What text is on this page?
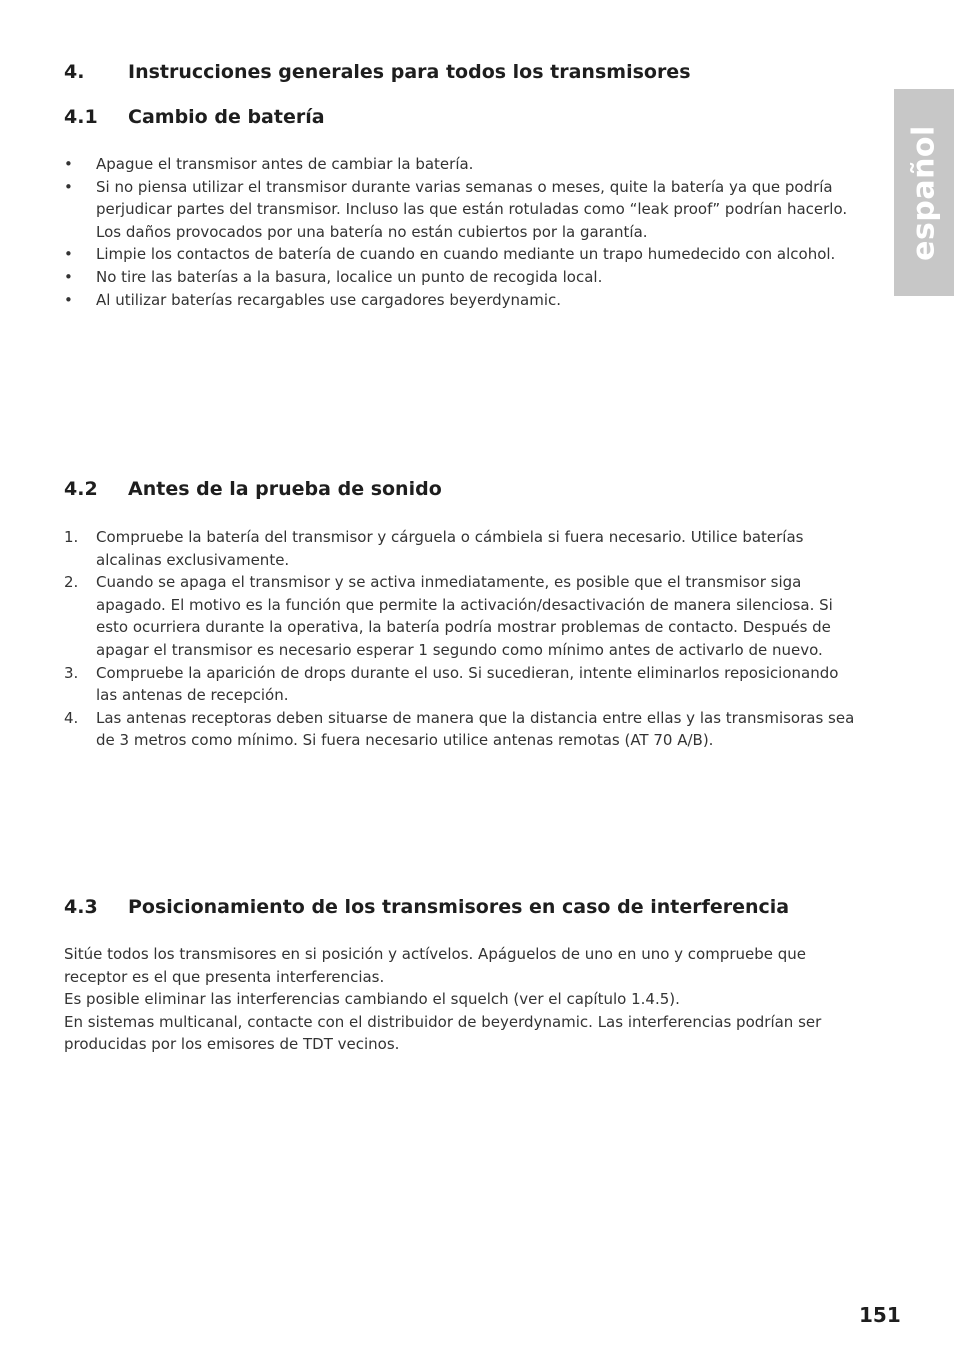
español
4. Instrucciones generales para todos los transmisores
4.1 Cambio de batería
• Apague el transmisor antes de cambiar la batería.
• Si no piensa utilizar el transmisor durante varias semanas o meses, quite la batería ya que podría perjudicar partes del transmisor. Incluso las que están rotuladas como “leak proof” podrían hacerlo. Los daños provocados por una batería no están cubiertos por la garantía.
• Limpie los contactos de batería de cuando en cuando mediante un trapo humedecido con alcohol.
• No tire las baterías a la basura, localice un punto de recogida local.
• Al utilizar baterías recargables use cargadores beyerdynamic.
4.2 Antes de la prueba de sonido
1. Compruebe la batería del transmisor y cárguela o cámbiela si fuera necesario. Utilice baterías alcalinas exclusivamente.
2. Cuando se apaga el transmisor y se activa inmediatamente, es posible que el transmisor siga apagado. El motivo es la función que permite la activación/desactivación de manera silenciosa. Si esto ocurriera durante la operativa, la batería podría mostrar problemas de contacto. Después de apagar el transmisor es necesario esperar 1 segundo como mínimo antes de activarlo de nuevo.
3. Compruebe la aparición de drops durante el uso. Si sucedieran, intente eliminarlos reposicionando las antenas de recepción.
4. Las antenas receptoras deben situarse de manera que la distancia entre ellas y las transmisoras sea de 3 metros como mínimo. Si fuera necesario utilice antenas remotas (AT 70 A/B).
4.3 Posicionamiento de los transmisores en caso de interferencia

Sitúe todos los transmisores en si posición y actívelos. Apáguelos de uno en uno y compruebe que receptor es el que presenta interferencias.

Es posible eliminar las interferencias cambiando el squelch (ver el capítulo 1.4.5).

En sistemas multicanal, contacte con el distribuidor de beyerdynamic. Las interferencias podrían ser producidas por los emisores de TDT vecinos.

151
